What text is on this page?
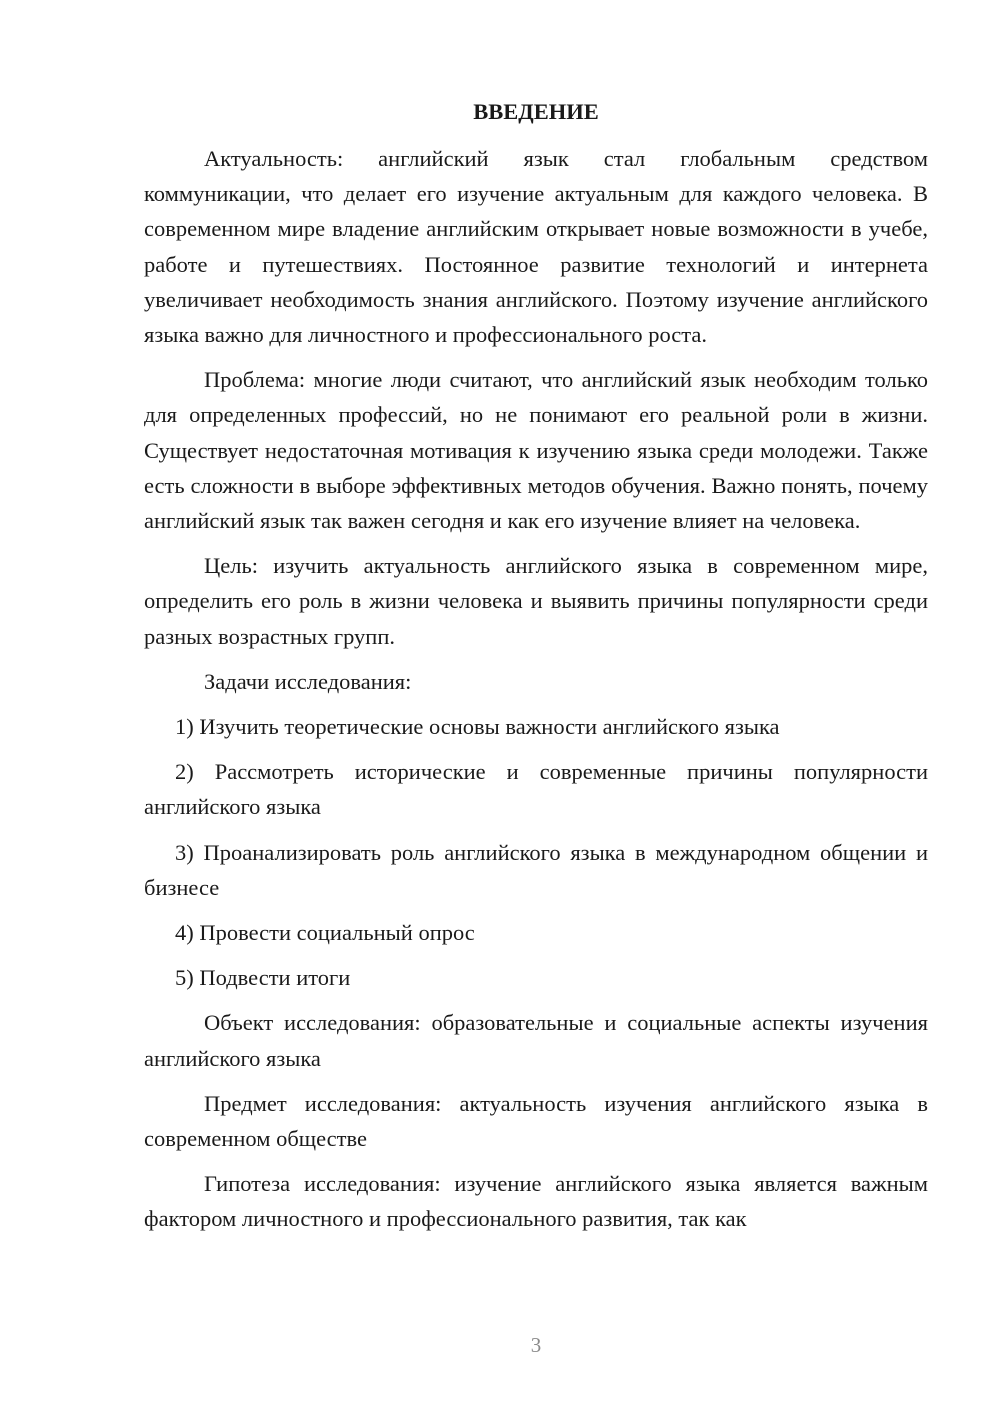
ВВЕДЕНИЕ

Актуальность: английский язык стал глобальным средством коммуникации, что делает его изучение актуальным для каждого человека. В современном мире владение английским открывает новые возможности в учебе, работе и путешествиях. Постоянное развитие технологий и интернета увеличивает необходимость знания английского. Поэтому изучение английского языка важно для личностного и профессионального роста.

Проблема: многие люди считают, что английский язык необходим только для определенных профессий, но не понимают его реальной роли в жизни. Существует недостаточная мотивация к изучению языка среди молодежи. Также есть сложности в выборе эффективных методов обучения. Важно понять, почему английский язык так важен сегодня и как его изучение влияет на человека.

Цель: изучить актуальность английского языка в современном мире, определить его роль в жизни человека и выявить причины популярности среди разных возрастных групп.

Задачи исследования:

1) Изучить теоретические основы важности английского языка

2) Рассмотреть исторические и современные причины популярности английского языка

3) Проанализировать роль английского языка в международном общении и бизнесе

4) Провести социальный опрос

5) Подвести итоги

Объект исследования: образовательные и социальные аспекты изучения английского языка

Предмет исследования: актуальность изучения английского языка в современном обществе

Гипотеза исследования: изучение английского языка является важным фактором личностного и профессионального развития, так как

3
